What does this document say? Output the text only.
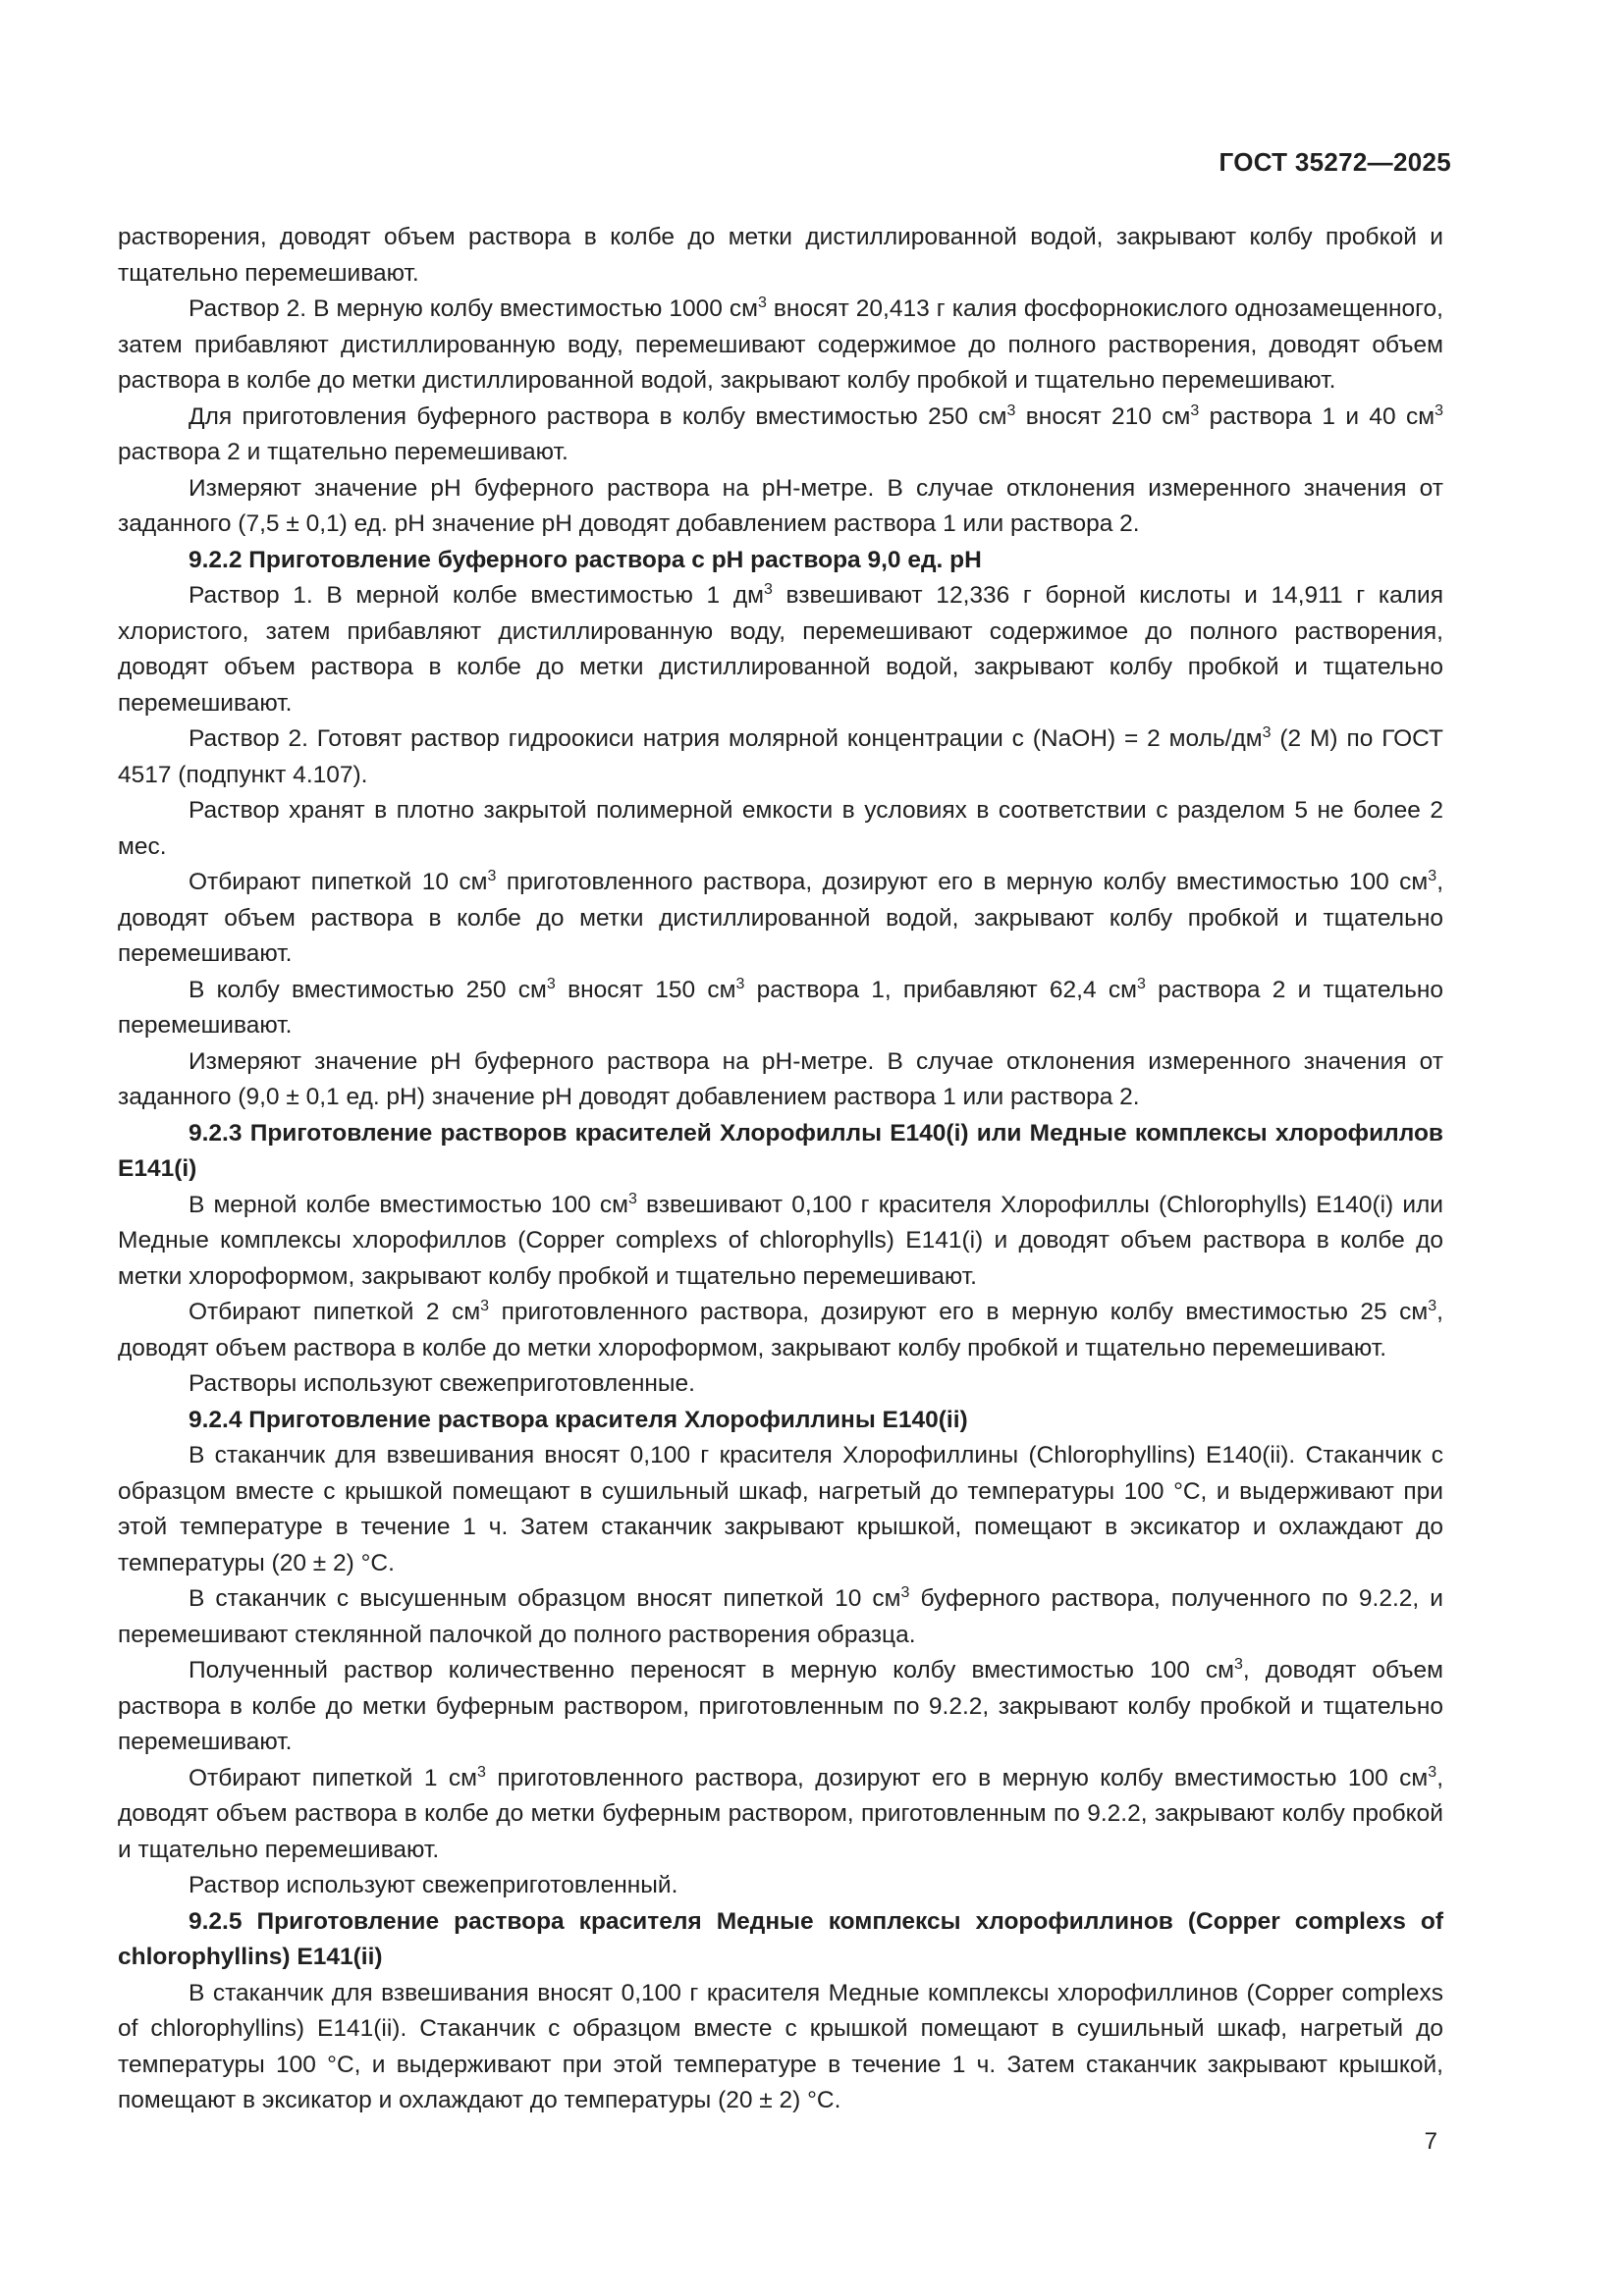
ГОСТ 35272—2025

растворения, доводят объем раствора в колбе до метки дистиллированной водой, закрывают колбу пробкой и тщательно перемешивают.

Раствор 2. В мерную колбу вместимостью 1000 $см^3$ вносят 20,413 г калия фосфорнокислого однозамещенного, затем прибавляют дистиллированную воду, перемешивают содержимое до полного растворения, доводят объем раствора в колбе до метки дистиллированной водой, закрывают колбу пробкой и тщательно перемешивают.

Для приготовления буферного раствора в колбу вместимостью 250 $см^3$ вносят 210 $см^3$ раствора 1 и 40 $см^3$ раствора 2 и тщательно перемешивают.

Измеряют значение pH буферного раствора на pH-метре. В случае отклонения измеренного значения от заданного (7,5 ± 0,1) ед. pH значение pH доводят добавлением раствора 1 или раствора 2.

9.2.2 Приготовление буферного раствора с pH раствора 9,0 ед. pH

Раствор 1. В мерной колбе вместимостью 1 $дм^3$ взвешивают 12,336 г борной кислоты и 14,911 г калия хлористого, затем прибавляют дистиллированную воду, перемешивают содержимое до полного растворения, доводят объем раствора в колбе до метки дистиллированной водой, закрывают колбу пробкой и тщательно перемешивают.

Раствор 2. Готовят раствор гидроокиси натрия молярной концентрации с (NaOH) = 2 моль/$дм^3$ (2 М) по ГОСТ 4517 (подпункт 4.107).

Раствор хранят в плотно закрытой полимерной емкости в условиях в соответствии с разделом 5 не более 2 мес.

Отбирают пипеткой 10 $см^3$ приготовленного раствора, дозируют его в мерную колбу вместимостью 100 $см^3$, доводят объем раствора в колбе до метки дистиллированной водой, закрывают колбу пробкой и тщательно перемешивают.

В колбу вместимостью 250 $см^3$ вносят 150 $см^3$ раствора 1, прибавляют 62,4 $см^3$ раствора 2 и тщательно перемешивают.

Измеряют значение pH буферного раствора на pH-метре. В случае отклонения измеренного значения от заданного (9,0 ± 0,1 ед. pH) значение pH доводят добавлением раствора 1 или раствора 2.

9.2.3 Приготовление растворов красителей Хлорофиллы Е140(i) или Медные комплексы хлорофиллов Е141(i)

В мерной колбе вместимостью 100 $см^3$ взвешивают 0,100 г красителя Хлорофиллы (Chlorophylls) Е140(i) или Медные комплексы хлорофиллов (Copper complexs of chlorophylls) Е141(i) и доводят объем раствора в колбе до метки хлороформом, закрывают колбу пробкой и тщательно перемешивают.

Отбирают пипеткой 2 $см^3$ приготовленного раствора, дозируют его в мерную колбу вместимостью 25 $см^3$, доводят объем раствора в колбе до метки хлороформом, закрывают колбу пробкой и тщательно перемешивают.

Растворы используют свежеприготовленные.

9.2.4 Приготовление раствора красителя Хлорофиллины Е140(ii)

В стаканчик для взвешивания вносят 0,100 г красителя Хлорофиллины (Chlorophyllins) Е140(ii). Стаканчик с образцом вместе с крышкой помещают в сушильный шкаф, нагретый до температуры 100 °С, и выдерживают при этой температуре в течение 1 ч. Затем стаканчик закрывают крышкой, помещают в эксикатор и охлаждают до температуры (20 ± 2) °С.

В стаканчик с высушенным образцом вносят пипеткой 10 $см^3$ буферного раствора, полученного по 9.2.2, и перемешивают стеклянной палочкой до полного растворения образца.

Полученный раствор количественно переносят в мерную колбу вместимостью 100 $см^3$, доводят объем раствора в колбе до метки буферным раствором, приготовленным по 9.2.2, закрывают колбу пробкой и тщательно перемешивают.

Отбирают пипеткой 1 $см^3$ приготовленного раствора, дозируют его в мерную колбу вместимостью 100 $см^3$, доводят объем раствора в колбе до метки буферным раствором, приготовленным по 9.2.2, закрывают колбу пробкой и тщательно перемешивают.

Раствор используют свежеприготовленный.

9.2.5 Приготовление раствора красителя Медные комплексы хлорофиллинов (Copper complexs of chlorophyllins) Е141(ii)

В стаканчик для взвешивания вносят 0,100 г красителя Медные комплексы хлорофиллинов (Copper complexs of chlorophyllins) Е141(ii). Стаканчик с образцом вместе с крышкой помещают в сушильный шкаф, нагретый до температуры 100 °С, и выдерживают при этой температуре в течение 1 ч. Затем стаканчик закрывают крышкой, помещают в эксикатор и охлаждают до температуры (20 ± 2) °С.

7
